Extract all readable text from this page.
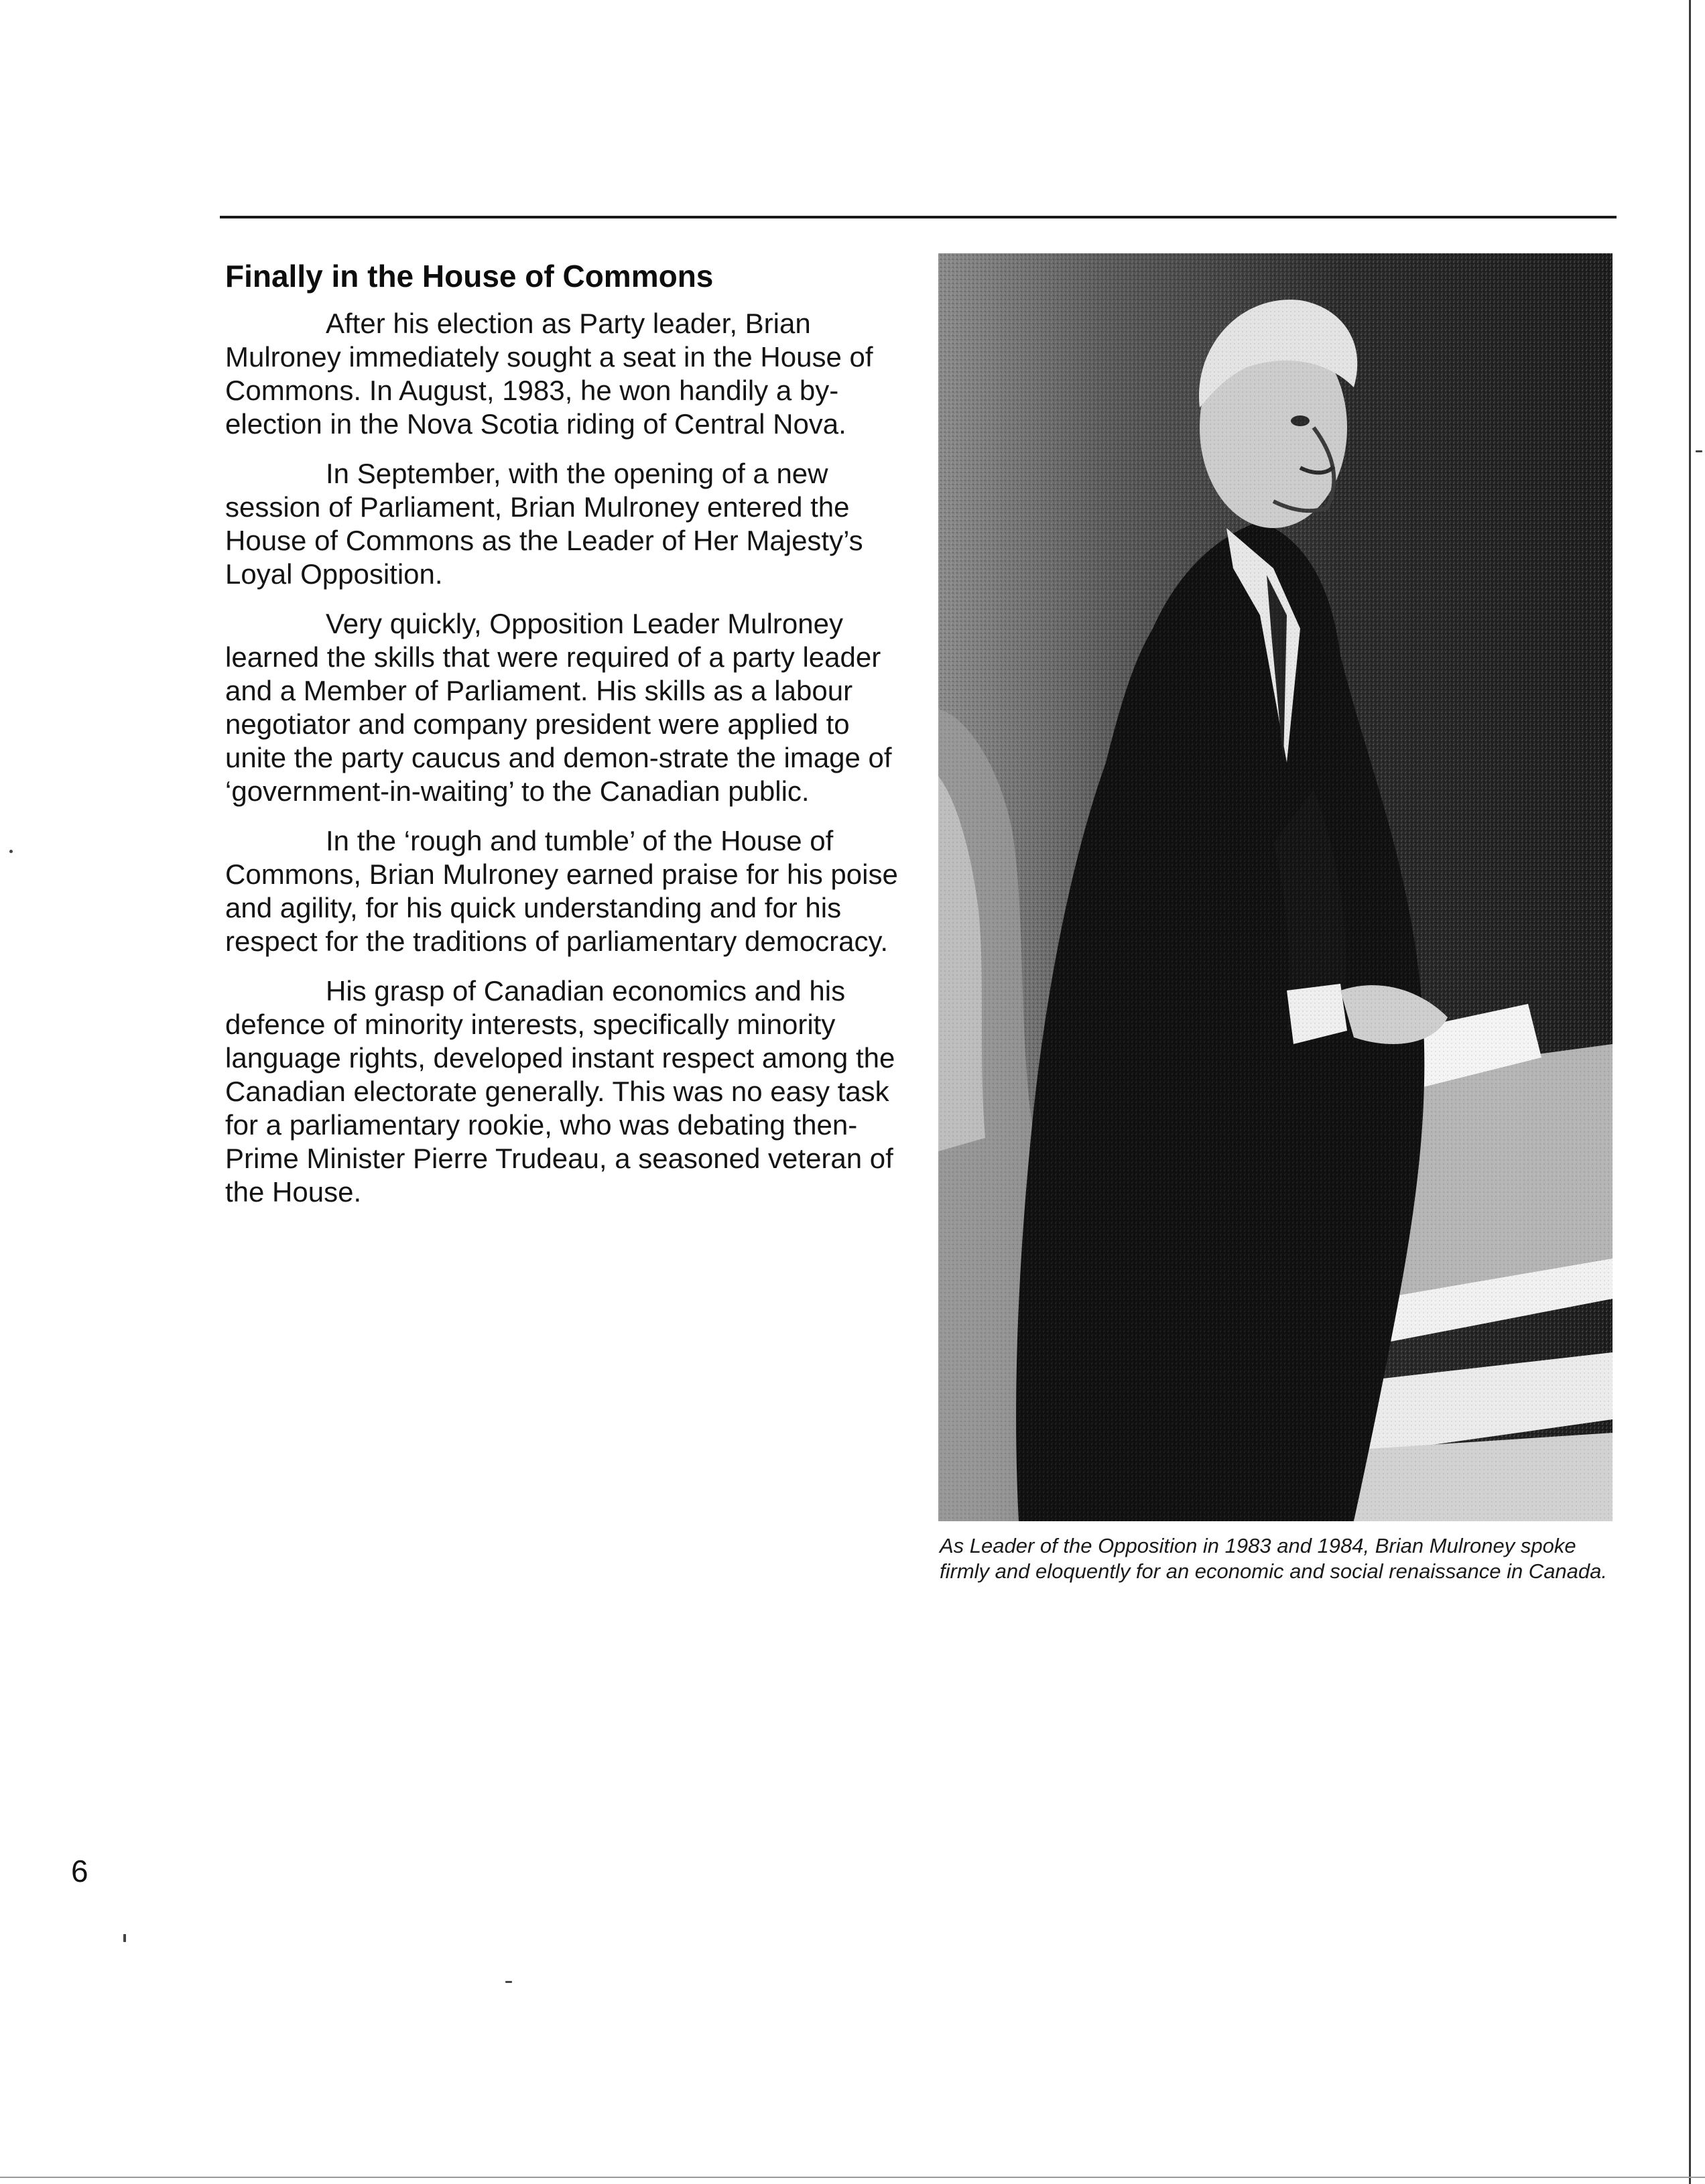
Finally in the House of Commons

After his election as Party leader, Brian Mulroney immediately sought a seat in the House of Commons. In August, 1983, he won handily a by-election in the Nova Scotia riding of Central Nova.

In September, with the opening of a new session of Parliament, Brian Mulroney entered the House of Commons as the Leader of Her Majesty’s Loyal Opposition.

Very quickly, Opposition Leader Mulroney learned the skills that were required of a party leader and a Member of Parliament. His skills as a labour negotiator and company president were applied to unite the party caucus and demon-strate the image of ‘government-in-waiting’ to the Canadian public.

In the ‘rough and tumble’ of the House of Commons, Brian Mulroney earned praise for his poise and agility, for his quick understanding and for his respect for the traditions of parliamentary democracy.

His grasp of Canadian economics and his defence of minority interests, specifically minority language rights, developed instant respect among the Canadian electorate generally. This was no easy task for a parliamentary rookie, who was debating then-Prime Minister Pierre Trudeau, a seasoned veteran of the House.

As Leader of the Opposition in 1983 and 1984, Brian Mulroney spoke firmly and eloquently for an economic and social renaissance in Canada.

6
